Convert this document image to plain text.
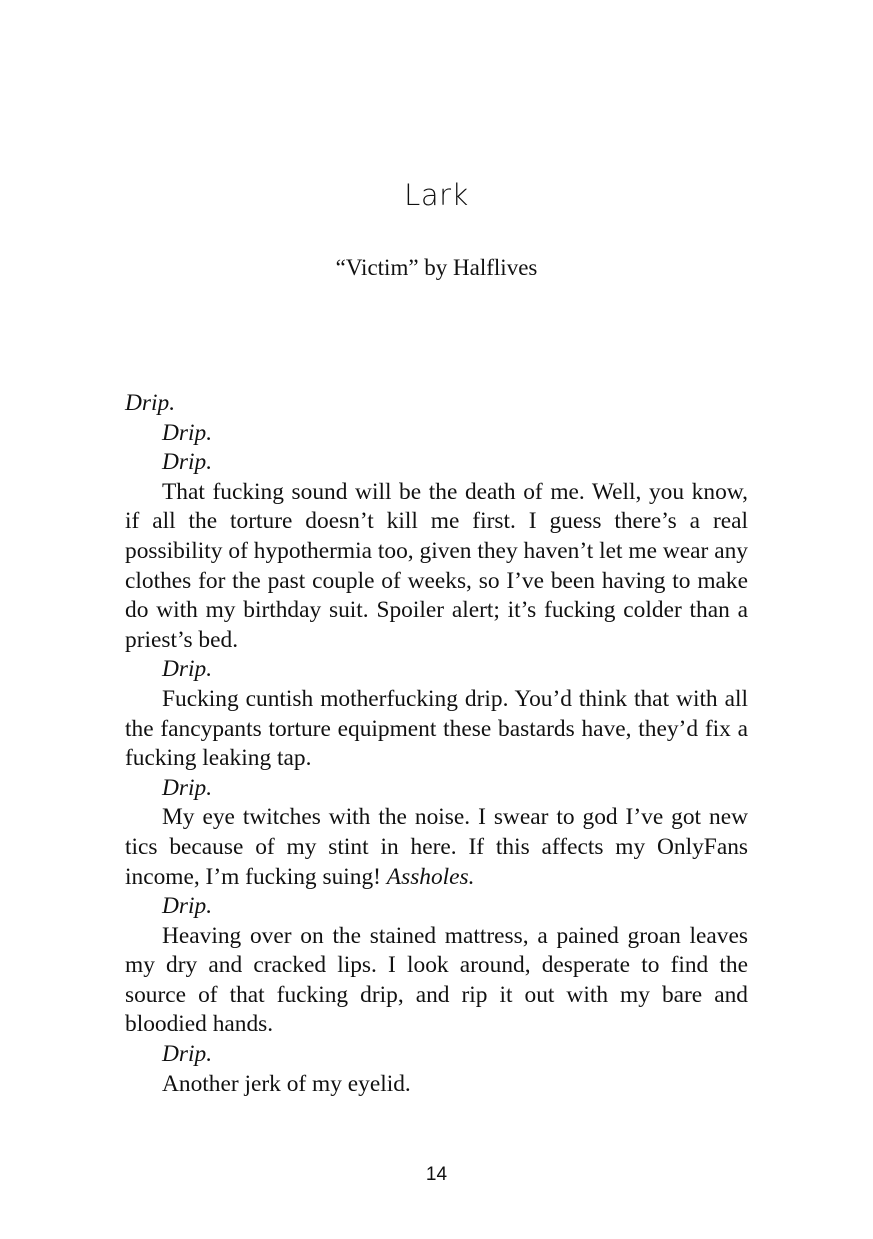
Lark
“Victim” by Halflives

Drip.

Drip.

Drip.

That fucking sound will be the death of me. Well, you know, if all the torture doesn’t kill me first. I guess there’s a real possibility of hypothermia too, given they haven’t let me wear any clothes for the past couple of weeks, so I’ve been having to make do with my birthday suit. Spoiler alert; it’s fucking colder than a priest’s bed.

Drip.

Fucking cuntish motherfucking drip. You’d think that with all the fancypants torture equipment these bastards have, they’d fix a fucking leaking tap.

Drip.

My eye twitches with the noise. I swear to god I’ve got new tics because of my stint in here. If this affects my OnlyFans income, I’m fucking suing! Assholes.

Drip.

Heaving over on the stained mattress, a pained groan leaves my dry and cracked lips. I look around, desperate to find the source of that fucking drip, and rip it out with my bare and bloodied hands.

Drip.

Another jerk of my eyelid.

14
